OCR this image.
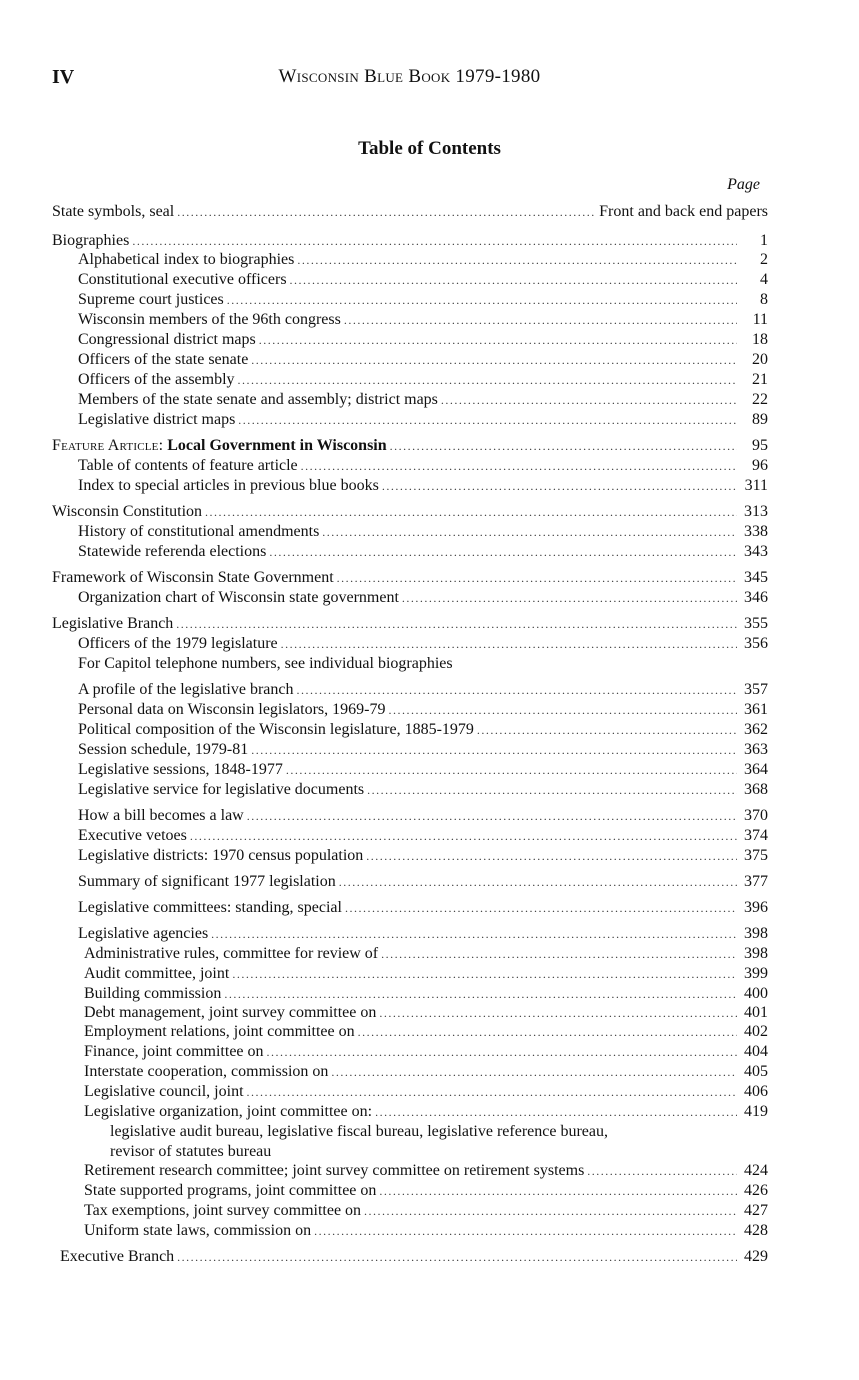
IV	Wisconsin Blue Book 1979-1980
Table of Contents
Page
State symbols, seal .....	Front and back end papers
Biographies .....	1
Alphabetical index to biographies .....	2
Constitutional executive officers .....	4
Supreme court justices .....	8
Wisconsin members of the 96th congress .....	11
Congressional district maps .....	18
Officers of the state senate .....	20
Officers of the assembly .....	21
Members of the state senate and assembly; district maps .....	22
Legislative district maps .....	89
Feature Article: Local Government in Wisconsin .....	95
Table of contents of feature article .....	96
Index to special articles in previous blue books .....	311
Wisconsin Constitution .....	313
History of constitutional amendments .....	338
Statewide referenda elections .....	343
Framework of Wisconsin State Government .....	345
Organization chart of Wisconsin state government .....	346
Legislative Branch .....	355
Officers of the 1979 legislature .....	356
For Capitol telephone numbers, see individual biographies
A profile of the legislative branch .....	357
Personal data on Wisconsin legislators, 1969-79 .....	361
Political composition of the Wisconsin legislature, 1885-1979 .....	362
Session schedule, 1979-81 .....	363
Legislative sessions, 1848-1977 .....	364
Legislative service for legislative documents .....	368
How a bill becomes a law .....	370
Executive vetoes .....	374
Legislative districts: 1970 census population .....	375
Summary of significant 1977 legislation .....	377
Legislative committees: standing, special .....	396
Legislative agencies .....	398
Administrative rules, committee for review of .....	398
Audit committee, joint .....	399
Building commission .....	400
Debt management, joint survey committee on .....	401
Employment relations, joint committee on .....	402
Finance, joint committee on .....	404
Interstate cooperation, commission on .....	405
Legislative council, joint .....	406
Legislative organization, joint committee on: .....	419
legislative audit bureau, legislative fiscal bureau, legislative reference bureau,
revisor of statutes bureau
Retirement research committee; joint survey committee on retirement systems .....	424
State supported programs, joint committee on .....	426
Tax exemptions, joint survey committee on .....	427
Uniform state laws, commission on .....	428
Executive Branch .....	429
